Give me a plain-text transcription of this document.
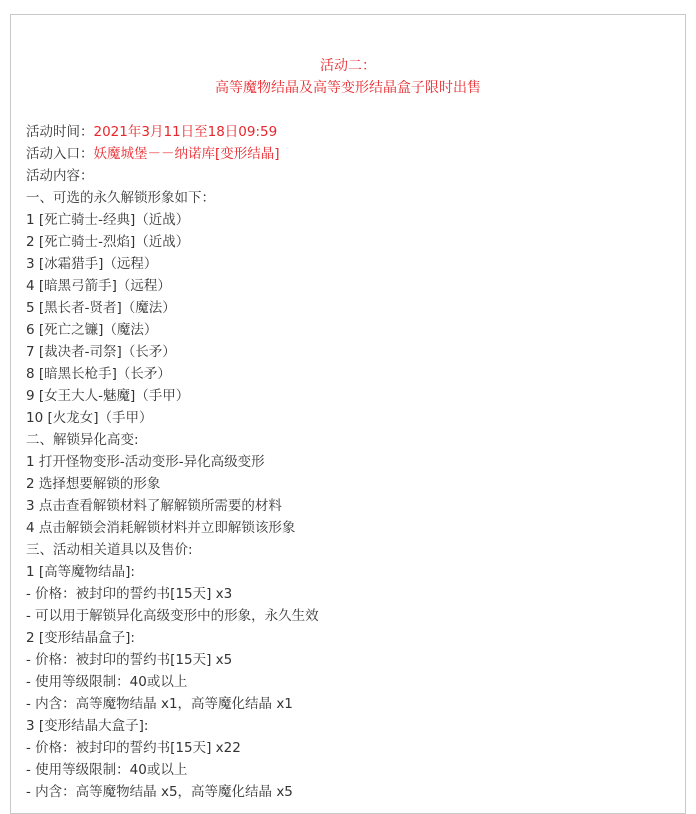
活动二：
高等魔物结晶及高等变形结晶盒子限时出售
活动时间：2021年3月11日至18日09:59
活动入口：妖魔城堡－－纳诺库[变形结晶]
活动内容：
一、可选的永久解锁形象如下：
1 [死亡骑士-经典]（近战）
2 [死亡骑士-烈焰]（近战）
3 [冰霜猎手]（远程）
4 [暗黑弓箭手]（远程）
5 [黑长者-贤者]（魔法）
6 [死亡之镰]（魔法）
7 [裁决者-司祭]（长矛）
8 [暗黑长枪手]（长矛）
9 [女王大人-魅魔]（手甲）
10 [火龙女]（手甲）
二、解锁异化高变:
1 打开怪物变形-活动变形-异化高级变形
2 选择想要解锁的形象
3 点击查看解锁材料了解解锁所需要的材料
4 点击解锁会消耗解锁材料并立即解锁该形象
三、活动相关道具以及售价:
1 [高等魔物结晶]:
- 价格：被封印的誓约书[15天] x3
- 可以用于解锁异化高级变形中的形象，永久生效
2 [变形结晶盒子]:
- 价格：被封印的誓约书[15天] x5
- 使用等级限制：40或以上
- 内含：高等魔物结晶 x1，高等魔化结晶 x1
3 [变形结晶大盒子]:
- 价格：被封印的誓约书[15天] x22
- 使用等级限制：40或以上
- 内含：高等魔物结晶 x5，高等魔化结晶 x5
